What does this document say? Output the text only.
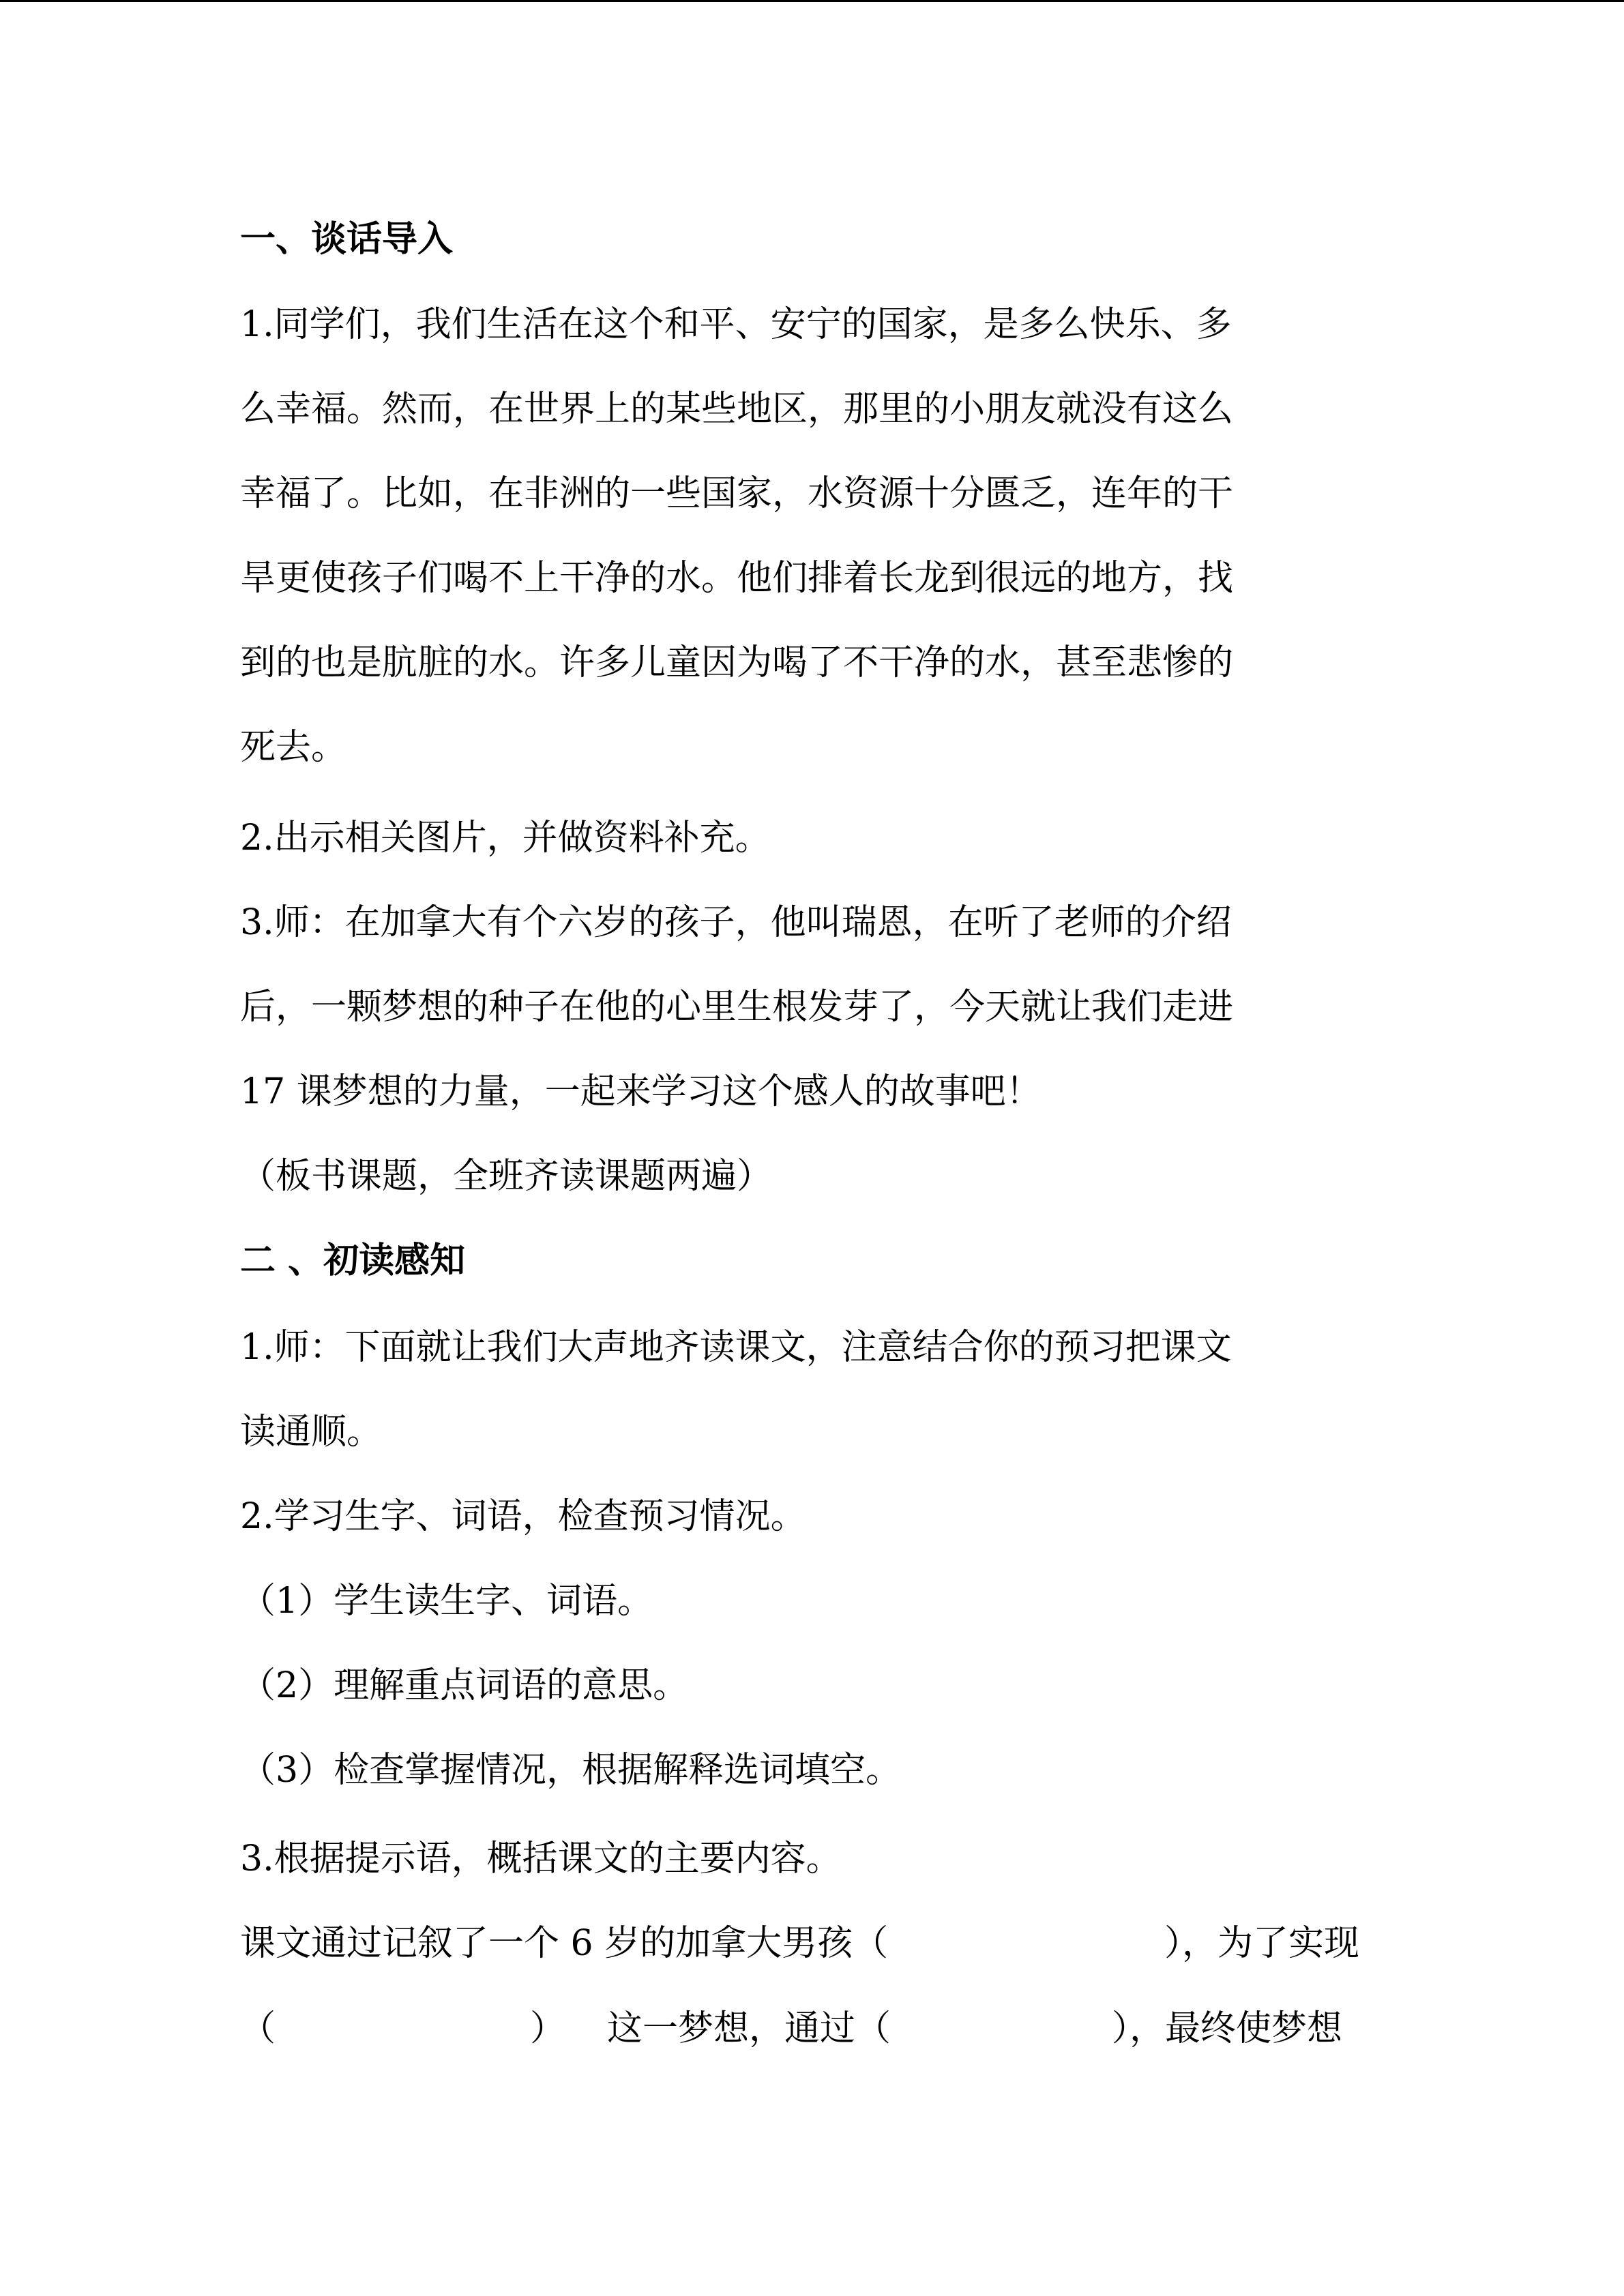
一、谈话导入
1.同学们，我们生活在这个和平、安宁的国家，是多么快乐、多
么幸福。然而，在世界上的某些地区，那里的小朋友就没有这么
幸福了。比如，在非洲的一些国家，水资源十分匮乏，连年的干
旱更使孩子们喝不上干净的水。他们排着长龙到很远的地方，找
到的也是肮脏的水。许多儿童因为喝了不干净的水，甚至悲惨的
死去。
2.出示相关图片，并做资料补充。
3.师：在加拿大有个六岁的孩子，他叫瑞恩，在听了老师的介绍
后，一颗梦想的种子在他的心里生根发芽了，今天就让我们走进
17 课梦想的力量，一起来学习这个感人的故事吧！
（板书课题，全班齐读课题两遍）
二 、初读感知
1.师：下面就让我们大声地齐读课文，注意结合你的预习把课文
读通顺。
2.学习生字、词语，检查预习情况。
（1）学生读生字、词语。
（2）理解重点词语的意思。
（3）检查掌握情况，根据解释选词填空。
3.根据提示语，概括课文的主要内容。
课文通过记叙了一个 6 岁的加拿大男孩（	），为了实现
（	） 这一梦想，通过（	），最终使梦想
